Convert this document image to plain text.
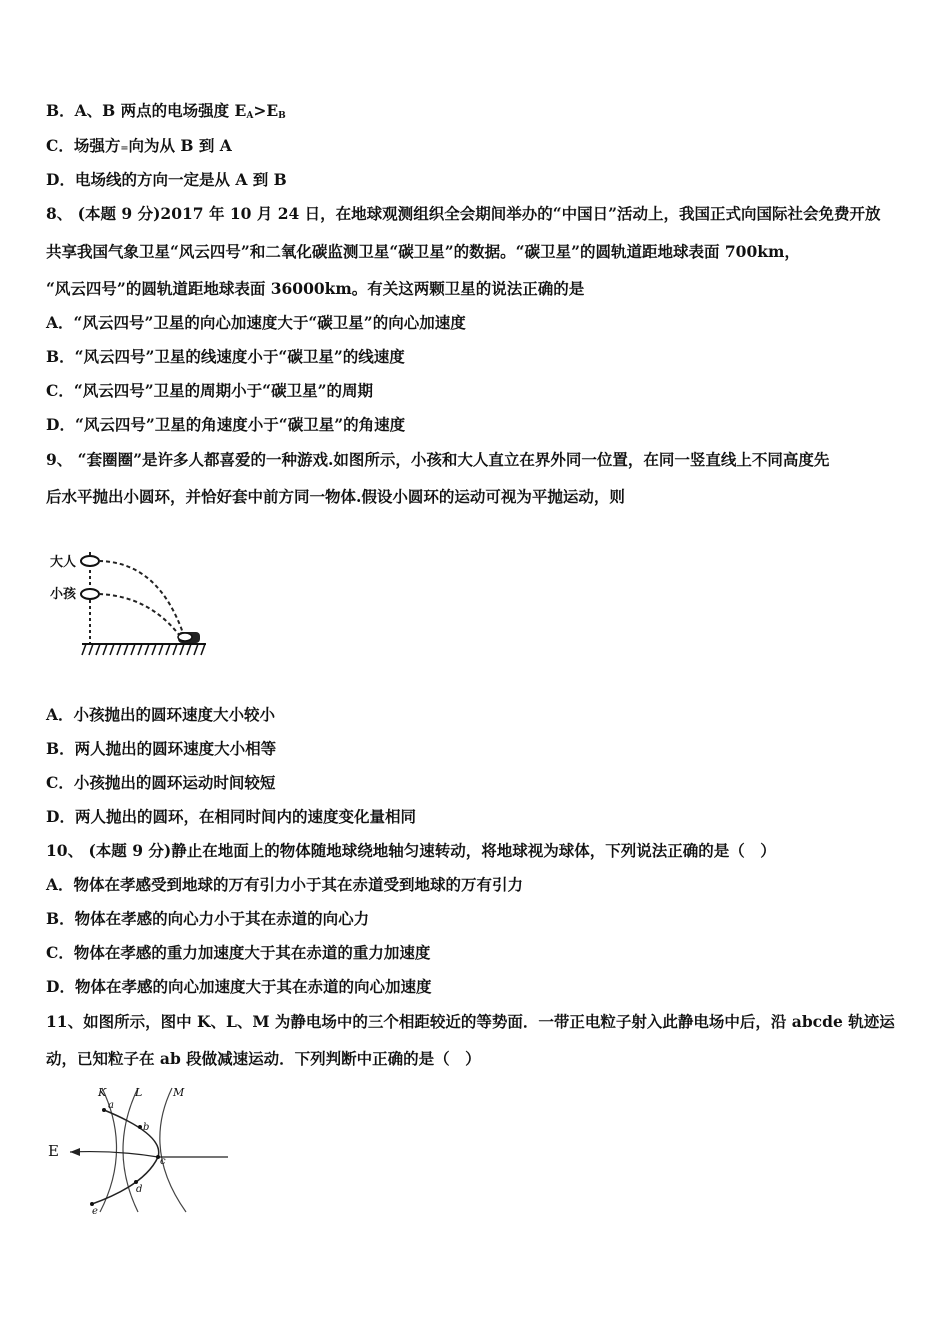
B．A、B 两点的电场强度 $E_A>E_B$
C．场强方₌向为从 B 到 A
D．电场线的方向一定是从 A 到 B
8、 (本题 9 分)2017 年 10 月 24 日，在地球观测组织全会期间举办的“中国日”活动上，我国正式向国际社会免费开放
共享我国气象卫星“风云四号”和二氧化碳监测卫星“碳卫星”的数据。“碳卫星”的圆轨道距地球表面 700km，
“风云四号”的圆轨道距地球表面 36000km。有关这两颗卫星的说法正确的是
A．“风云四号”卫星的向心加速度大于“碳卫星”的向心加速度
B．“风云四号”卫星的线速度小于“碳卫星”的线速度
C．“风云四号”卫星的周期小于“碳卫星”的周期
D．“风云四号”卫星的角速度小于“碳卫星”的角速度
9、 “套圈圈”是许多人都喜爱的一种游戏.如图所示，小孩和大人直立在界外同一位置，在同一竖直线上不同高度先
后水平抛出小圆环，并恰好套中前方同一物体.假设小圆环的运动可视为平抛运动，则
大人
小孩
A．小孩抛出的圆环速度大小较小
B．两人抛出的圆环速度大小相等
C．小孩抛出的圆环运动时间较短
D．两人抛出的圆环，在相同时间内的速度变化量相同
10、 (本题 9 分)静止在地面上的物体随地球绕地轴匀速转动，将地球视为球体，下列说法正确的是（　）
A．物体在孝感受到地球的万有引力小于其在赤道受到地球的万有引力
B．物体在孝感的向心力小于其在赤道的向心力
C．物体在孝感的重力加速度大于其在赤道的重力加速度
D．物体在孝感的向心加速度大于其在赤道的向心加速度
11、如图所示，图中 K、L、M 为静电场中的三个相距较近的等势面．一带正电粒子射入此静电场中后，沿 abcde 轨迹运
动，已知粒子在 ab 段做减速运动．下列判断中正确的是（　）
K	L	M
E
a
b
c
d
e
